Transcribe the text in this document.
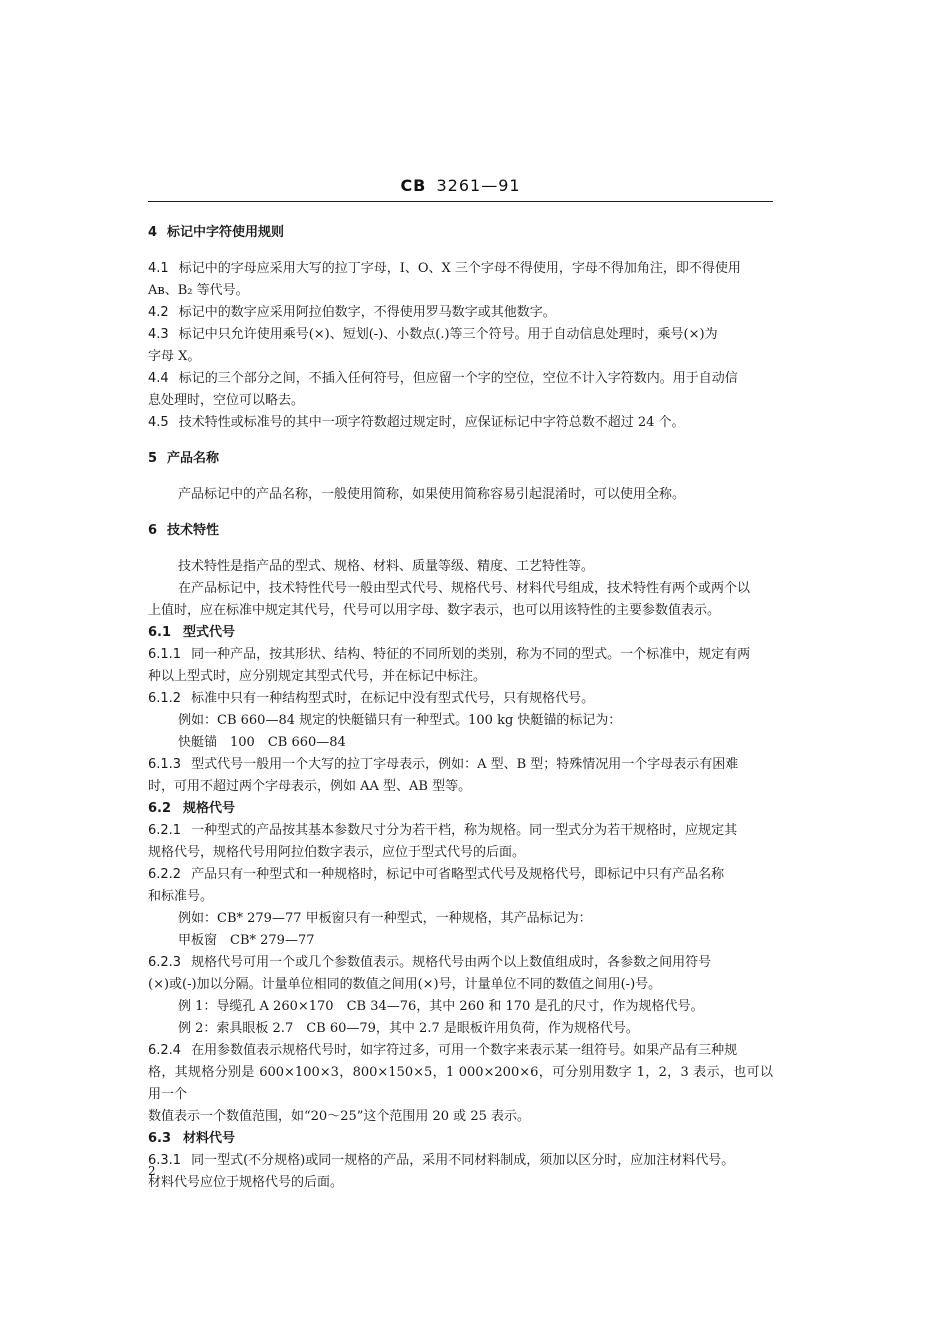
CB 3261—91

4 标记中字符使用规则

4.1 标记中的字母应采用大写的拉丁字母，I、O、X 三个字母不得使用，字母不得加角注，即不得使用
Aʙ、B₂ 等代号。

4.2 标记中的数字应采用阿拉伯数字，不得使用罗马数字或其他数字。

4.3 标记中只允许使用乘号(×)、短划(-)、小数点(.)等三个符号。用于自动信息处理时，乘号(×)为
字母 X。

4.4 标记的三个部分之间，不插入任何符号，但应留一个字的空位，空位不计入字符数内。用于自动信
息处理时，空位可以略去。

4.5 技术特性或标准号的其中一项字符数超过规定时，应保证标记中字符总数不超过 24 个。

5 产品名称

产品标记中的产品名称，一般使用简称，如果使用简称容易引起混淆时，可以使用全称。

6 技术特性

技术特性是指产品的型式、规格、材料、质量等级、精度、工艺特性等。

在产品标记中，技术特性代号一般由型式代号、规格代号、材料代号组成，技术特性有两个或两个以
上值时，应在标准中规定其代号，代号可以用字母、数字表示，也可以用该特性的主要参数值表示。

6.1 型式代号

6.1.1 同一种产品，按其形状、结构、特征的不同所划的类别，称为不同的型式。一个标准中，规定有两
种以上型式时，应分别规定其型式代号，并在标记中标注。

6.1.2 标准中只有一种结构型式时，在标记中没有型式代号，只有规格代号。

例如：CB 660—84 规定的快艇锚只有一种型式。100 kg 快艇锚的标记为：

快艇锚　100　CB 660—84

6.1.3 型式代号一般用一个大写的拉丁字母表示，例如：A 型、B 型；特殊情况用一个字母表示有困难
时，可用不超过两个字母表示，例如 AA 型、AB 型等。

6.2 规格代号

6.2.1 一种型式的产品按其基本参数尺寸分为若干档，称为规格。同一型式分为若干规格时，应规定其
规格代号，规格代号用阿拉伯数字表示，应位于型式代号的后面。

6.2.2 产品只有一种型式和一种规格时，标记中可省略型式代号及规格代号，即标记中只有产品名称
和标准号。

例如：CB* 279—77 甲板窗只有一种型式，一种规格，其产品标记为：

甲板窗　CB* 279—77

6.2.3 规格代号可用一个或几个参数值表示。规格代号由两个以上数值组成时，各参数之间用符号
(×)或(-)加以分隔。计量单位相同的数值之间用(×)号，计量单位不同的数值之间用(-)号。

例 1：导缆孔 A 260×170　CB 34—76，其中 260 和 170 是孔的尺寸，作为规格代号。

例 2：索具眼板 2.7　CB 60—79，其中 2.7 是眼板许用负荷，作为规格代号。

6.2.4 在用参数值表示规格代号时，如字符过多，可用一个数字来表示某一组符号。如果产品有三种规
格，其规格分别是 600×100×3，800×150×5，1 000×200×6，可分别用数字 1，2，3 表示，也可以用一个
数值表示一个数值范围，如“20～25”这个范围用 20 或 25 表示。

6.3 材料代号

6.3.1 同一型式(不分规格)或同一规格的产品，采用不同材料制成，须加以区分时，应加注材料代号。
材料代号应位于规格代号的后面。

2
